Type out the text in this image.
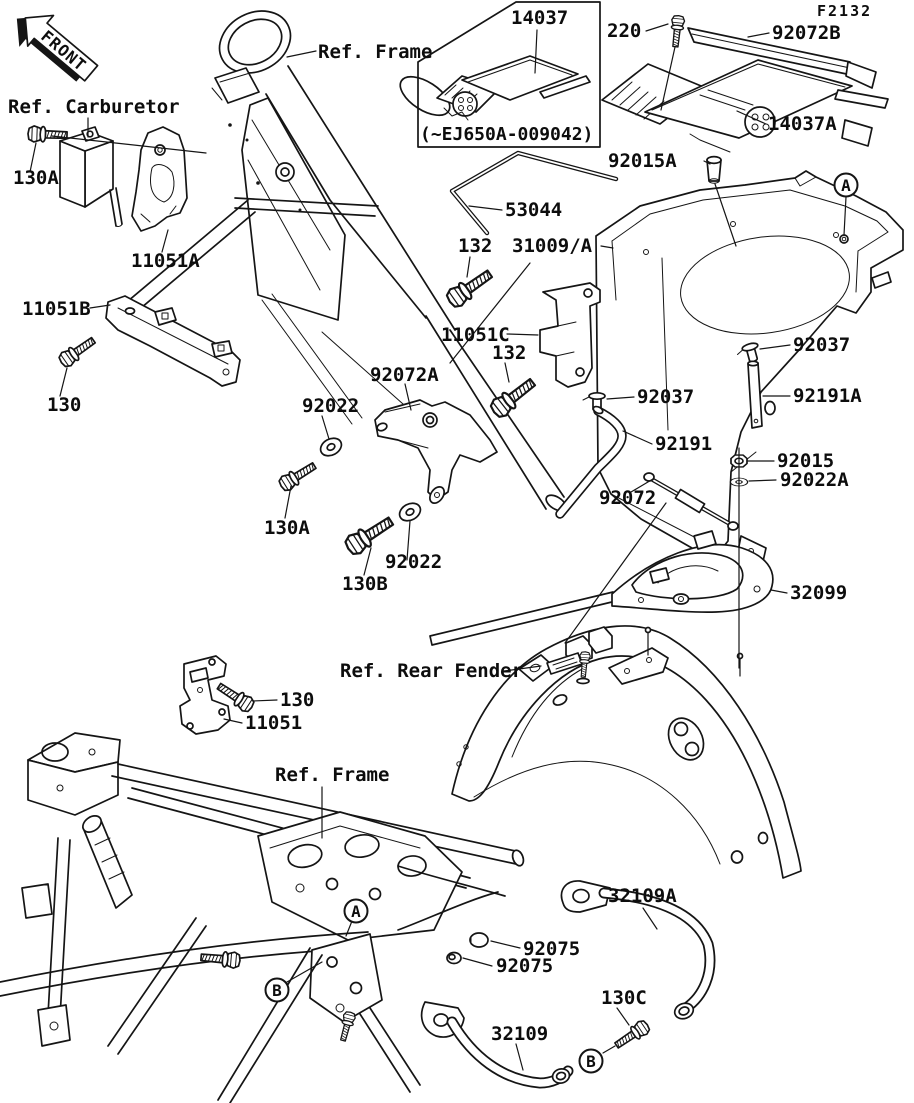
FRONT
A
A
B
B
F2132
Ref. Frame
Ref. Carburetor
130A
11051A
11051B
130
14037
(~EJ650A-009042)
220	92072B
14037A
92015A
53044
132 31009/A
11051C
132	92037
92072A
92022	92037	92191A
92191
92015
92022A
92072
130A
92022
130B	32099
Ref. Rear Fender
130
11051
Ref. Frame
32109A
92075
92075
130C
32109
